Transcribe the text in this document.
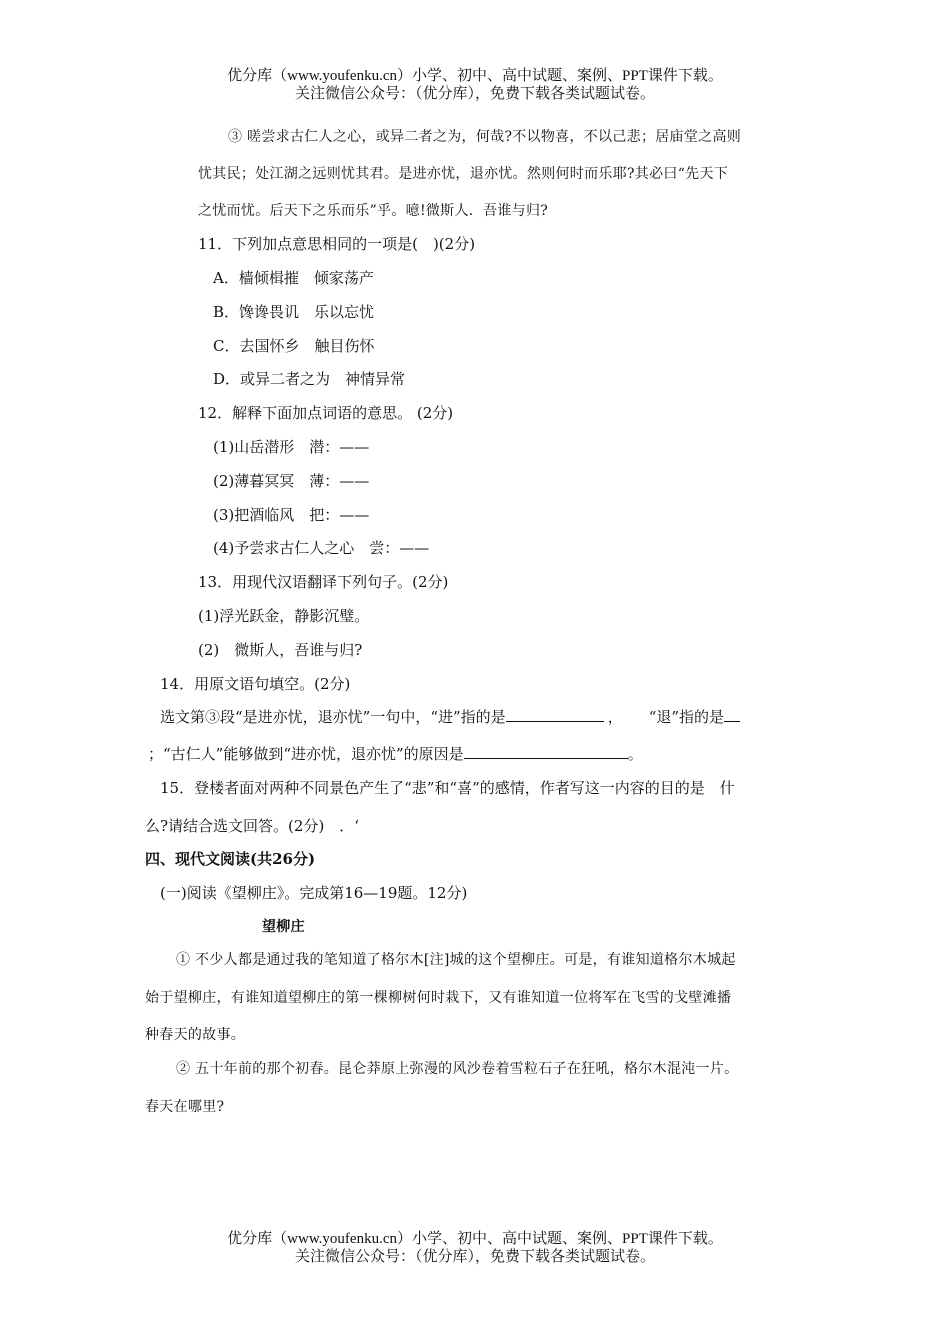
优分库（www.youfenku.cn）小学、初中、高中试题、案例、PPT课件下载。
关注微信公众号：（优分库），免费下载各类试题试卷。
③ 嗟尝求古仁人之心，或异二者之为，何哉?不以物喜，不以己悲；居庙堂之高则
忧其民；处江湖之远则忧其君。是进亦忧，退亦忧。然则何时而乐耶?其必曰“先天下
之忧而忧。后天下之乐而乐”乎。噫!微斯人．吾谁与归?
11．下列加点意思相同的一项是(　)(2分)
A．樯倾楫摧　倾家荡产
B．馋谗畏讥　乐以忘忧
C．去国怀乡　触目伤怀
D．或异二者之为　神情异常
12．解释下面加点词语的意思。 (2分)
(1)山岳潜形　潜：——
(2)薄暮冥冥　薄：——
(3)把酒临风　把：——
(4)予尝求古仁人之心　尝：——
13．用现代汉语翻译下列句子。(2分)
(1)浮光跃金，静影沉璧。
(2)　微斯人，吾谁与归?
14．用原文语句填空。(2分)
选文第③段“是进亦忧，退亦忧”一句中，“进”指的是	， “退”指的是
；“古仁人”能够做到“进亦忧，退亦忧”的原因是	。
15．登楼者面对两种不同景色产生了“悲”和“喜”的感情，作者写这一内容的目的是　什
么?请结合选文回答。(2分)　．‘
四、现代文阅读(共26分)
(一)阅读《望柳庄》。完成第16—19题。12分)
望柳庄
① 不少人都是通过我的笔知道了格尔木[注]城的这个望柳庄。可是，有谁知道格尔木城起
始于望柳庄，有谁知道望柳庄的第一棵柳树何时栽下，又有谁知道一位将军在飞雪的戈壁滩播
种春天的故事。
② 五十年前的那个初春。昆仑莽原上弥漫的风沙卷着雪粒石子在狂吼，格尔木混沌一片。
春天在哪里?
优分库（www.youfenku.cn）小学、初中、高中试题、案例、PPT课件下载。
关注微信公众号：（优分库），免费下载各类试题试卷。
